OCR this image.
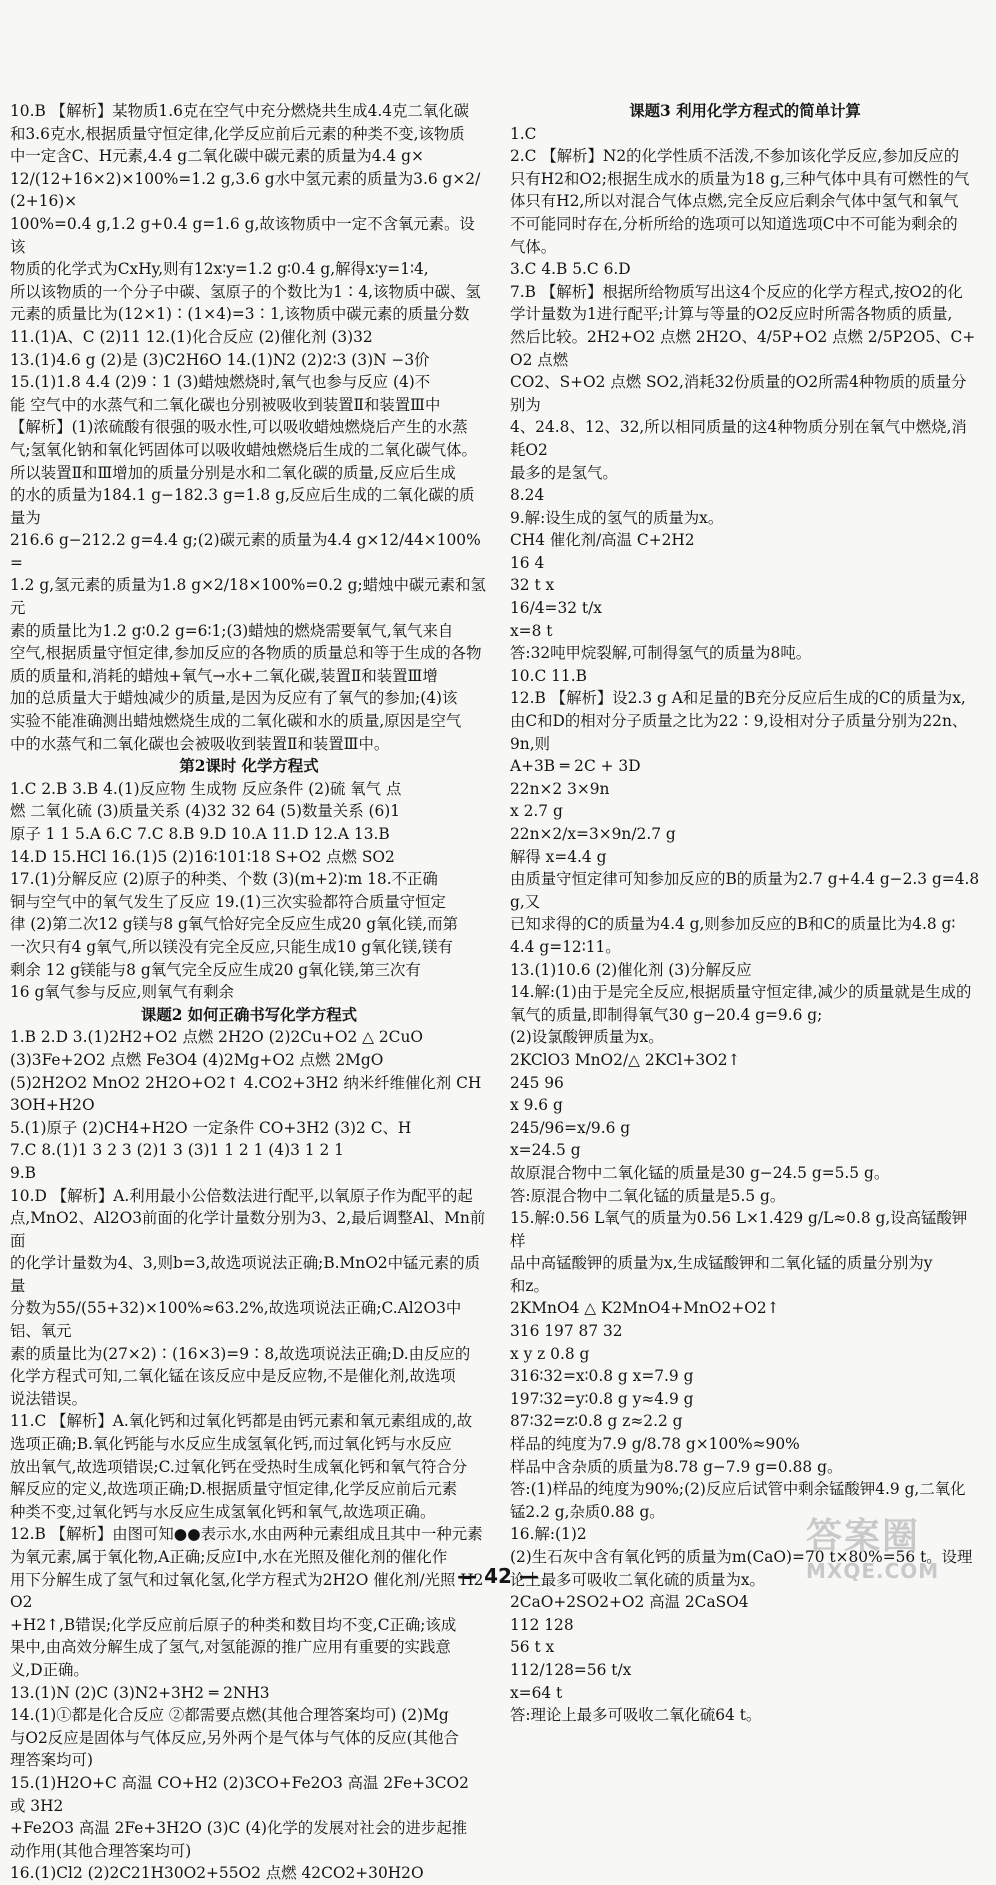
10.B 【解析】某物质1.6克在空气中充分燃烧共生成4.4克二氧化碳

和3.6克水,根据质量守恒定律,化学反应前后元素的种类不变,该物质

中一定含C、H元素,4.4 g二氧化碳中碳元素的质量为4.4 g×

12/(12+16×2)×100%=1.2 g,3.6 g水中氢元素的质量为3.6 g×2/(2+16)×

100%=0.4 g,1.2 g+0.4 g=1.6 g,故该物质中一定不含氧元素。设该

物质的化学式为CxHy,则有12x∶y=1.2 g∶0.4 g,解得x∶y=1∶4,

所以该物质的一个分子中碳、氢原子的个数比为1∶4,该物质中碳、氢

元素的质量比为(12×1)∶(1×4)=3∶1,该物质中碳元素的质量分数

11.(1)A、C (2)11 12.(1)化合反应 (2)催化剂 (3)32

13.(1)4.6 g (2)是 (3)C2H6O 14.(1)N2 (2)2∶3 (3)N −3价

15.(1)1.8 4.4 (2)9∶1 (3)蜡烛燃烧时,氧气也参与反应 (4)不

能 空气中的水蒸气和二氧化碳也分别被吸收到装置Ⅱ和装置Ⅲ中

【解析】(1)浓硫酸有很强的吸水性,可以吸收蜡烛燃烧后产生的水蒸

气;氢氧化钠和氧化钙固体可以吸收蜡烛燃烧后生成的二氧化碳气体。

所以装置Ⅱ和Ⅲ增加的质量分别是水和二氧化碳的质量,反应后生成

的水的质量为184.1 g−182.3 g=1.8 g,反应后生成的二氧化碳的质量为

216.6 g−212.2 g=4.4 g;(2)碳元素的质量为4.4 g×12/44×100%=

1.2 g,氢元素的质量为1.8 g×2/18×100%=0.2 g;蜡烛中碳元素和氢元

素的质量比为1.2 g∶0.2 g=6∶1;(3)蜡烛的燃烧需要氧气,氧气来自

空气,根据质量守恒定律,参加反应的各物质的质量总和等于生成的各物

质的质量和,消耗的蜡烛+氧气→水+二氧化碳,装置Ⅱ和装置Ⅲ增

加的总质量大于蜡烛减少的质量,是因为反应有了氧气的参加;(4)该

实验不能准确测出蜡烛燃烧生成的二氧化碳和水的质量,原因是空气

中的水蒸气和二氧化碳也会被吸收到装置Ⅱ和装置Ⅲ中。

第2课时 化学方程式

1.C 2.B 3.B 4.(1)反应物 生成物 反应条件 (2)硫 氧气 点

燃 二氧化硫 (3)质量关系 (4)32 32 64 (5)数量关系 (6)1

原子 1 1 5.A 6.C 7.C 8.B 9.D 10.A 11.D 12.A 13.B

14.D 15.HCl 16.(1)5 (2)16∶101∶18 S+O2 点燃 SO2

17.(1)分解反应 (2)原子的种类、个数 (3)(m+2)∶m 18.不正确

铜与空气中的氧气发生了反应 19.(1)三次实验都符合质量守恒定

律 (2)第二次12 g镁与8 g氧气恰好完全反应生成20 g氧化镁,而第

一次只有4 g氧气,所以镁没有完全反应,只能生成10 g氧化镁,镁有

剩余 12 g镁能与8 g氧气完全反应生成20 g氧化镁,第三次有

16 g氧气参与反应,则氧气有剩余

课题2 如何正确书写化学方程式

1.B 2.D 3.(1)2H2+O2 点燃 2H2O (2)2Cu+O2 △ 2CuO

(3)3Fe+2O2 点燃 Fe3O4 (4)2Mg+O2 点燃 2MgO

(5)2H2O2 MnO2 2H2O+O2↑ 4.CO2+3H2 纳米纤维催化剂 CH3OH+H2O

5.(1)原子 (2)CH4+H2O 一定条件 CO+3H2 (3)2 C、H

7.C 8.(1)1 3 2 3 (2)1 3 (3)1 1 2 1 (4)3 1 2 1

9.B

10.D 【解析】A.利用最小公倍数法进行配平,以氧原子作为配平的起

点,MnO2、Al2O3前面的化学计量数分别为3、2,最后调整Al、Mn前面

的化学计量数为4、3,则b=3,故选项说法正确;B.MnO2中锰元素的质量

分数为55/(55+32)×100%≈63.2%,故选项说法正确;C.Al2O3中铝、氧元

素的质量比为(27×2)∶(16×3)=9∶8,故选项说法正确;D.由反应的

化学方程式可知,二氧化锰在该反应中是反应物,不是催化剂,故选项

说法错误。

11.C 【解析】A.氧化钙和过氧化钙都是由钙元素和氧元素组成的,故

选项正确;B.氧化钙能与水反应生成氢氧化钙,而过氧化钙与水反应

放出氧气,故选项错误;C.过氧化钙在受热时生成氧化钙和氧气符合分

解反应的定义,故选项正确;D.根据质量守恒定律,化学反应前后元素

种类不变,过氧化钙与水反应生成氢氧化钙和氧气,故选项正确。

12.B 【解析】由图可知●●表示水,水由两种元素组成且其中一种元素

为氧元素,属于氧化物,A正确;反应Ⅰ中,水在光照及催化剂的催化作

用下分解生成了氢气和过氧化氢,化学方程式为2H2O 催化剂/光照 H2O2

+H2↑,B错误;化学反应前后原子的种类和数目均不变,C正确;该成

果中,由高效分解生成了氢气,对氢能源的推广应用有重要的实践意

义,D正确。

13.(1)N (2)C (3)N2+3H2 ═ 2NH3

14.(1)①都是化合反应 ②都需要点燃(其他合理答案均可) (2)Mg

与O2反应是固体与气体反应,另外两个是气体与气体的反应(其他合

理答案均可)

15.(1)H2O+C 高温 CO+H2 (2)3CO+Fe2O3 高温 2Fe+3CO2 或 3H2

+Fe2O3 高温 2Fe+3H2O (3)C (4)化学的发展对社会的进步起推

动作用(其他合理答案均可)

16.(1)Cl2 (2)2C21H30O2+55O2 点燃 42CO2+30H2O

课题3 利用化学方程式的简单计算

1.C

2.C 【解析】N2的化学性质不活泼,不参加该化学反应,参加反应的

只有H2和O2;根据生成水的质量为18 g,三种气体中具有可燃性的气

体只有H2,所以对混合气体点燃,完全反应后剩余气体中氢气和氧气

不可能同时存在,分析所给的选项可以知道选项C中不可能为剩余的

气体。

3.C 4.B 5.C 6.D

7.B 【解析】根据所给物质写出这4个反应的化学方程式,按O2的化

学计量数为1进行配平;计算与等量的O2反应时所需各物质的质量,

然后比较。2H2+O2 点燃 2H2O、4/5P+O2 点燃 2/5P2O5、C+O2 点燃

CO2、S+O2 点燃 SO2,消耗32份质量的O2所需4种物质的质量分别为

4、24.8、12、32,所以相同质量的这4种物质分别在氧气中燃烧,消耗O2

最多的是氢气。

8.24

9.解:设生成的氢气的质量为x。

CH4 催化剂/高温 C+2H2

16 4

32 t x

16/4=32 t/x

x=8 t

答:32吨甲烷裂解,可制得氢气的质量为8吨。

10.C 11.B

12.B 【解析】设2.3 g A和足量的B充分反应后生成的C的质量为x,

由C和D的相对分子质量之比为22∶9,设相对分子质量分别为22n、

9n,则

A+3B ═ 2C + 3D

22n×2 3×9n

x 2.7 g

22n×2/x=3×9n/2.7 g

解得 x=4.4 g

由质量守恒定律可知参加反应的B的质量为2.7 g+4.4 g−2.3 g=4.8 g,又

已知求得的C的质量为4.4 g,则参加反应的B和C的质量比为4.8 g∶

4.4 g=12∶11。

13.(1)10.6 (2)催化剂 (3)分解反应

14.解:(1)由于是完全反应,根据质量守恒定律,减少的质量就是生成的

氧气的质量,即制得氧气30 g−20.4 g=9.6 g;

(2)设氯酸钾质量为x。

2KClO3 MnO2/△ 2KCl+3O2↑

245 96

x 9.6 g

245/96=x/9.6 g

x=24.5 g

故原混合物中二氧化锰的质量是30 g−24.5 g=5.5 g。

答:原混合物中二氧化锰的质量是5.5 g。

15.解:0.56 L氧气的质量为0.56 L×1.429 g/L≈0.8 g,设高锰酸钾样

品中高锰酸钾的质量为x,生成锰酸钾和二氧化锰的质量分别为y

和z。

2KMnO4 △ K2MnO4+MnO2+O2↑

316 197 87 32

x y z 0.8 g

316∶32=x∶0.8 g x=7.9 g

197∶32=y∶0.8 g y≈4.9 g

87∶32=z∶0.8 g z≈2.2 g

样品的纯度为7.9 g/8.78 g×100%≈90%

样品中含杂质的质量为8.78 g−7.9 g=0.88 g。

答:(1)样品的纯度为90%;(2)反应后试管中剩余锰酸钾4.9 g,二氧化

锰2.2 g,杂质0.88 g。

16.解:(1)2

(2)生石灰中含有氧化钙的质量为m(CaO)=70 t×80%=56 t。设理

论上最多可吸收二氧化硫的质量为x。

2CaO+2SO2+O2 高温 2CaSO4

112 128

56 t x

112/128=56 t/x

x=64 t

答:理论上最多可吸收二氧化硫64 t。

— 42 —
答案圈
MXQE.COM
